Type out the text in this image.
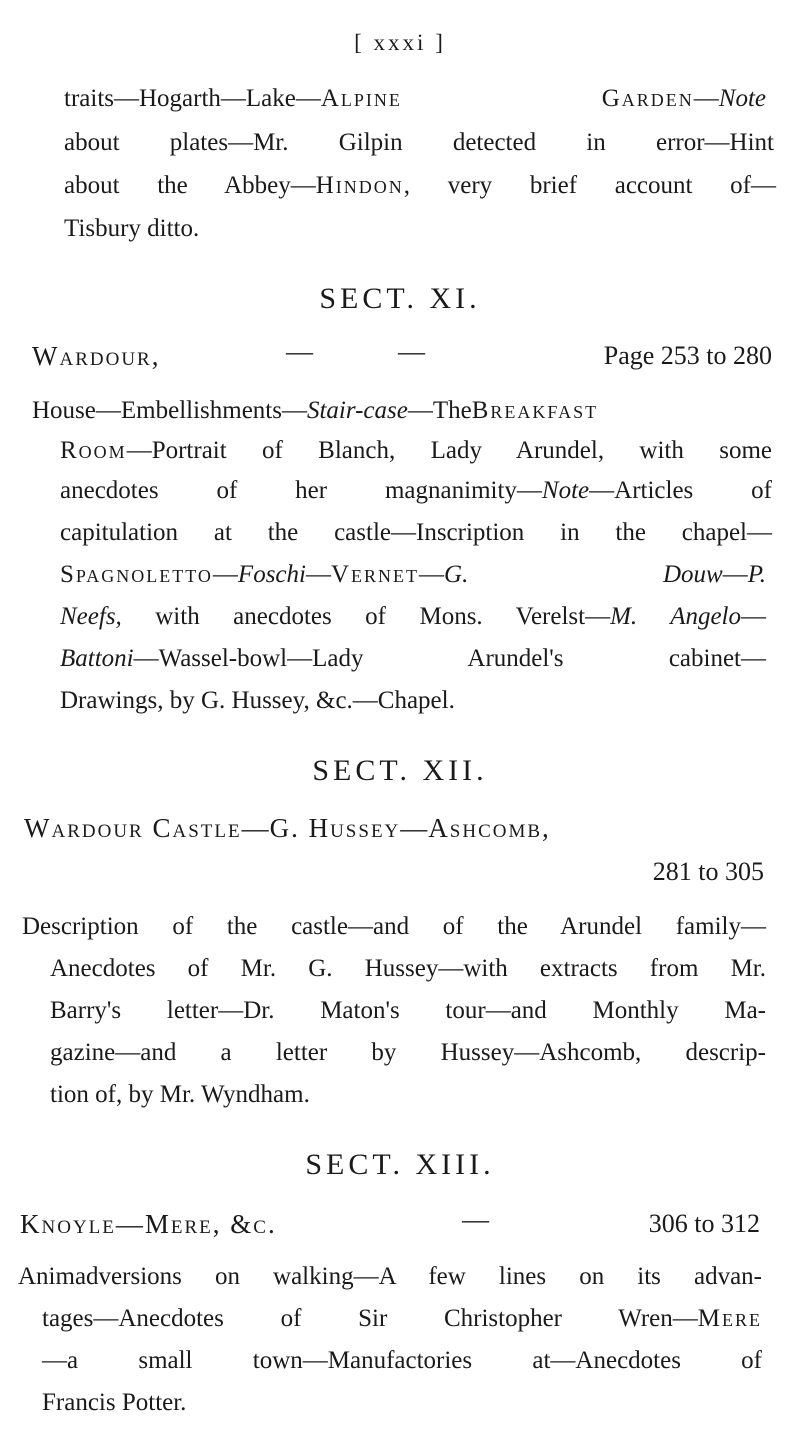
[ xxxi ]
traits—Hogarth—Lake—Alpine Garden—Note
about plates—Mr. Gilpin detected in error—Hint
about the Abbey—Hindon, very brief account of—
Tisbury ditto.
SECT. XI.
Wardour,	—	—	Page 253 to 280
House—Embellishments—Stair-case—TheBreakfast
Room—Portrait of Blanch, Lady Arundel, with some
anecdotes of her magnanimity—Note—Articles of
capitulation at the castle—Inscription in the chapel—
Spagnoletto—Foschi—Vernet—G. Douw—P.
Neefs, with anecdotes of Mons. Verelst—M. Angelo—
Battoni—Wassel-bowl—Lady Arundel's cabinet—
Drawings, by G. Hussey, &c.—Chapel.
SECT. XII.
Wardour Castle—G. Hussey—Ashcomb,
281 to 305
Description of the castle—and of the Arundel family—
Anecdotes of Mr. G. Hussey—with extracts from Mr.
Barry's letter—Dr. Maton's tour—and Monthly Ma-
gazine—and a letter by Hussey—Ashcomb, descrip-
tion of, by Mr. Wyndham.
SECT. XIII.
Knoyle—Mere, &c.	—	306 to 312
Animadversions on walking—A few lines on its advan-
tages—Anecdotes of Sir Christopher Wren—Mere
—a small town—Manufactories at—Anecdotes of
Francis Potter.
